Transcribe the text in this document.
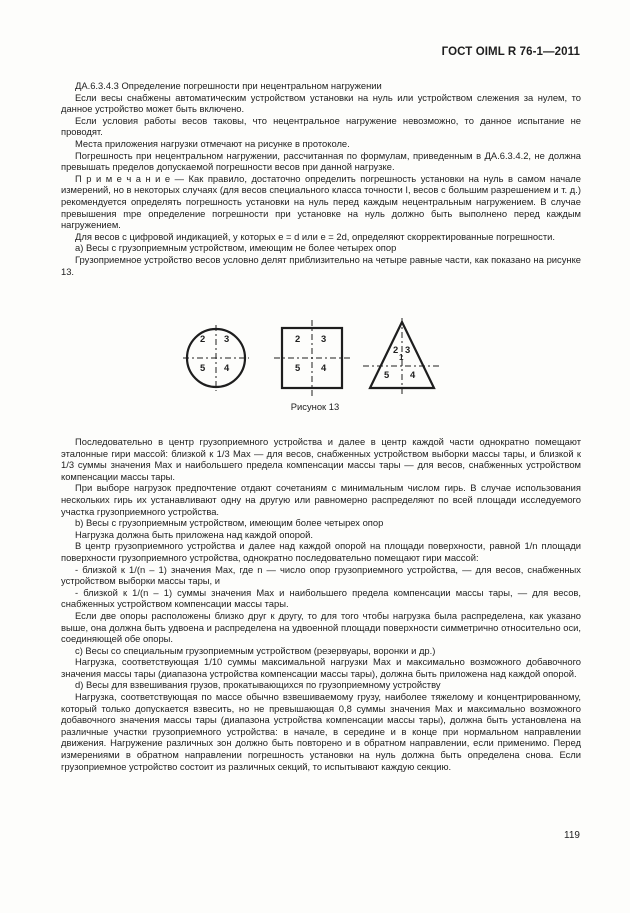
ГОСТ OIML R 76-1—2011

ДА.6.3.4.3 Определение погрешности при нецентральном нагружении

Если весы снабжены автоматическим устройством установки на нуль или устройством слежения за нулем, то данное устройство может быть включено.

Если условия работы весов таковы, что нецентральное нагружение невозможно, то данное испытание не проводят.

Места приложения нагрузки отмечают на рисунке в протоколе.

Погрешность при нецентральном нагружении, рассчитанная по формулам, приведенным в ДА.6.3.4.2, не должна превышать пределов допускаемой погрешности весов при данной нагрузке.

П р и м е ч а н и е — Как правило, достаточно определить погрешность установки на нуль в самом начале измерений, но в некоторых случаях (для весов специального класса точности I, весов с большим разрешением и т. д.) рекомендуется определять погрешность установки на нуль перед каждым нецентральным нагружением. В случае превышения mpe определение погрешности при установке на нуль должно быть выполнено перед каждым нагружением.

Для весов с цифровой индикацией, у которых e = d или e = 2d, определяют скорректированные погрешности.

а) Весы с грузоприемным устройством, имеющим не более четырех опор

Грузоприемное устройство весов условно делят приблизительно на четыре равные части, как показано на рисунке 13.

2 3
5 4
2 3
5 4
2 3
1
5 4
Рисунок 13

Последовательно в центр грузоприемного устройства и далее в центр каждой части однократно помещают эталонные гири массой: близкой к 1/3 Max — для весов, снабженных устройством выборки массы тары, и близкой к 1/3 суммы значения Max и наибольшего предела компенсации массы тары — для весов, снабженных устройством компенсации массы тары.

При выборе нагрузок предпочтение отдают сочетаниям с минимальным числом гирь. В случае использования нескольких гирь их устанавливают одну на другую или равномерно распределяют по всей площади исследуемого участка грузоприемного устройства.

b) Весы с грузоприемным устройством, имеющим более четырех опор

Нагрузка должна быть приложена над каждой опорой.

В центр грузоприемного устройства и далее над каждой опорой на площади поверхности, равной 1/n площади поверхности грузоприемного устройства, однократно последовательно помещают гири массой:

- близкой к 1/(n – 1) значения Max, где n — число опор грузоприемного устройства, — для весов, снабженных устройством выборки массы тары, и

- близкой к 1/(n – 1) суммы значения Max и наибольшего предела компенсации массы тары, — для весов, снабженных устройством компенсации массы тары.

Если две опоры расположены близко друг к другу, то для того чтобы нагрузка была распределена, как указано выше, она должна быть удвоена и распределена на удвоенной площади поверхности симметрично относительно оси, соединяющей обе опоры.

с) Весы со специальным грузоприемным устройством (резервуары, воронки и др.)

Нагрузка, соответствующая 1/10 суммы максимальной нагрузки Max и максимально возможного добавочного значения массы тары (диапазона устройства компенсации массы тары), должна быть приложена над каждой опорой.

d) Весы для взвешивания грузов, прокатывающихся по грузоприемному устройству

Нагрузка, соответствующая по массе обычно взвешиваемому грузу, наиболее тяжелому и концентрированному, который только допускается взвесить, но не превышающая 0,8 суммы значения Max и максимально возможного добавочного значения массы тары (диапазона устройства компенсации массы тары), должна быть установлена на различные участки грузоприемного устройства: в начале, в середине и в конце при нормальном направлении движения. Нагружение различных зон должно быть повторено и в обратном направлении, если применимо. Перед измерениями в обратном направлении погрешность установки на нуль должна быть определена снова. Если грузоприемное устройство состоит из различных секций, то испытывают каждую секцию.

119
